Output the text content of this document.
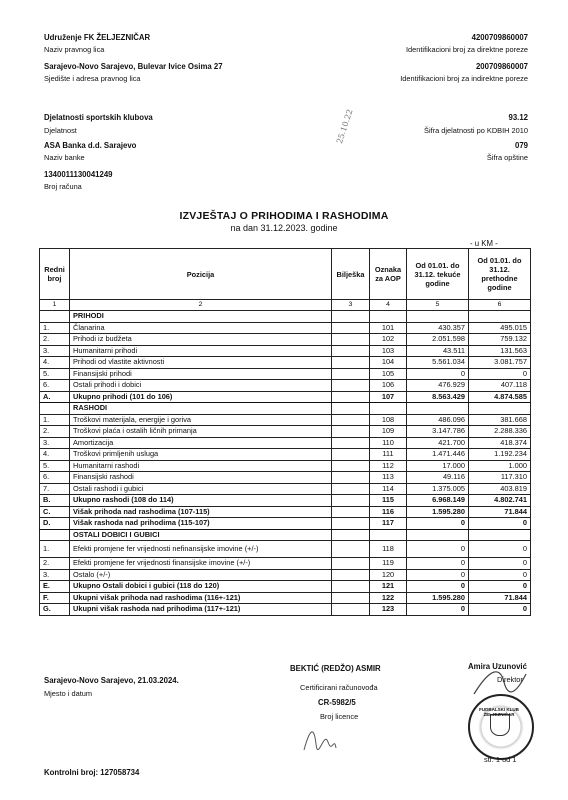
Udruženje FK ŽELJEZNIČAR
Naziv pravnog lica
Sarajevo-Novo Sarajevo, Bulevar Ivice Osima 27
Sjedište i adresa pravnog lica
Djelatnosti sportskih klubova
Djelatnost
ASA Banka d.d. Sarajevo
Naziv banke
1340011130041249
Broj računa
25.10.22
4200709860007
Identifikacioni broj za direktne poreze
200709860007
Identifikacioni broj za indirektne poreze
93.12
Šifra djelatnosti po KDBIH 2010
079
Šifra opštine
IZVJEŠTAJ O PRIHODIMA I RASHODIMA
na dan 31.12.2023. godine
- u KM -
Redni broj	Pozicija	Bilješka	Oznaka za AOP	Od 01.01. do 31.12. tekuće godine	Od 01.01. do 31.12. prethodne godine
1	2	3	4	5	6
	PRIHODI				
1.	Članarina		101	430.357	495.015
2.	Prihodi iz budžeta		102	2.051.598	759.132
3.	Humanitarni prihodi		103	43.511	131.563
4.	Prihodi od vlastite aktivnosti		104	5.561.034	3.081.757
5.	Finansijski prihodi		105	0	0
6.	Ostali prihodi i dobici		106	476.929	407.118
A.	Ukupno prihodi (101 do 106)		107	8.563.429	4.874.585
	RASHODI				
1.	Troškovi materijala, energije i goriva		108	486.096	381.668
2.	Troškovi plaća i ostalih ličnih primanja		109	3.147.786	2.288.336
3.	Amortizacija		110	421.700	418.374
4.	Troškovi primljenih usluga		111	1.471.446	1.192.234
5.	Humanitarni rashodi		112	17.000	1.000
6.	Finansijski rashodi		113	49.116	117.310
7.	Ostali rashodi i gubici		114	1.375.005	403.819
B.	Ukupno rashodi (108 do 114)		115	6.968.149	4.802.741
C.	Višak prihoda nad rashodima (107-115)		116	1.595.280	71.844
D.	Višak rashoda nad prihodima (115-107)		117	0	0
	OSTALI DOBICI I GUBICI				
1.	Efekti promjene fer vrijednosti nefinansijske imovine (+/-)		118	0	0
2.	Efekti promjene fer vrijednosti finansijske imovine (+/-)		119	0	0
3.	Ostalo (+/-)		120	0	0
E.	Ukupno Ostali dobici i gubici (118 do 120)		121	0	0
F.	Ukupni višak prihoda nad rashodima (116+-121)		122	1.595.280	71.844
G.	Ukupni višak rashoda nad prihodima (117+-121)		123	0	0
Sarajevo-Novo Sarajevo, 21.03.2024.
Mjesto i datum
BEKTIĆ (REDŽO) ASMIR
Certificirani računovođa
CR-5982/5
Broj licence
Amira Uzunović
Direktor
FUDBALSKI KLUB ŽELJEZNIČAR
Kontrolni broj: 127058734
str. 1 od 1
